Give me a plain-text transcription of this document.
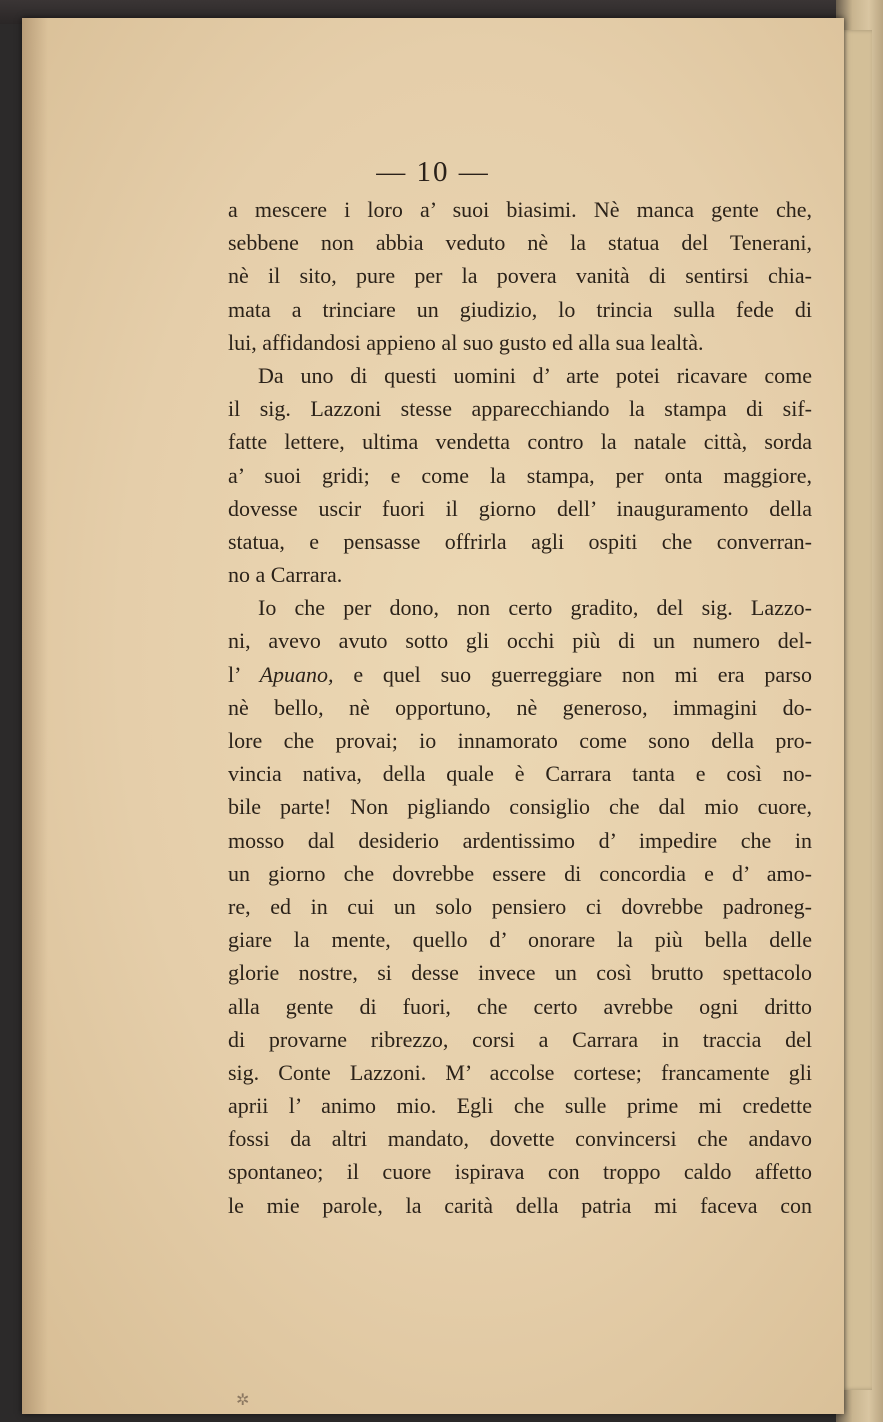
— 10 —
a mescere i loro a’ suoi biasimi. Nè manca gente che,
sebbene non abbia veduto nè la statua del Tenerani,
nè il sito, pure per la povera vanità di sentirsi chia-
mata a trinciare un giudizio, lo trincia sulla fede di
lui, affidandosi appieno al suo gusto ed alla sua lealtà.
Da uno di questi uomini d’ arte potei ricavare come
il sig. Lazzoni stesse apparecchiando la stampa di sif-
fatte lettere, ultima vendetta contro la natale città, sorda
a’ suoi gridi; e come la stampa, per onta maggiore,
dovesse uscir fuori il giorno dell’ inauguramento della
statua, e pensasse offrirla agli ospiti che converran-
no a Carrara.
Io che per dono, non certo gradito, del sig. Lazzo-
ni, avevo avuto sotto gli occhi più di un numero del-
l’ Apuano, e quel suo guerreggiare non mi era parso
nè bello, nè opportuno, nè generoso, immagini do-
lore che provai; io innamorato come sono della pro-
vincia nativa, della quale è Carrara tanta e così no-
bile parte! Non pigliando consiglio che dal mio cuore,
mosso dal desiderio ardentissimo d’ impedire che in
un giorno che dovrebbe essere di concordia e d’ amo-
re, ed in cui un solo pensiero ci dovrebbe padroneg-
giare la mente, quello d’ onorare la più bella delle
glorie nostre, si desse invece un così brutto spettacolo
alla gente di fuori, che certo avrebbe ogni dritto
di provarne ribrezzo, corsi a Carrara in traccia del
sig. Conte Lazzoni. M’ accolse cortese; francamente gli
aprii l’ animo mio. Egli che sulle prime mi credette
fossi da altri mandato, dovette convincersi che andavo
spontaneo; il cuore ispirava con troppo caldo affetto
le mie parole, la carità della patria mi faceva con
✲
